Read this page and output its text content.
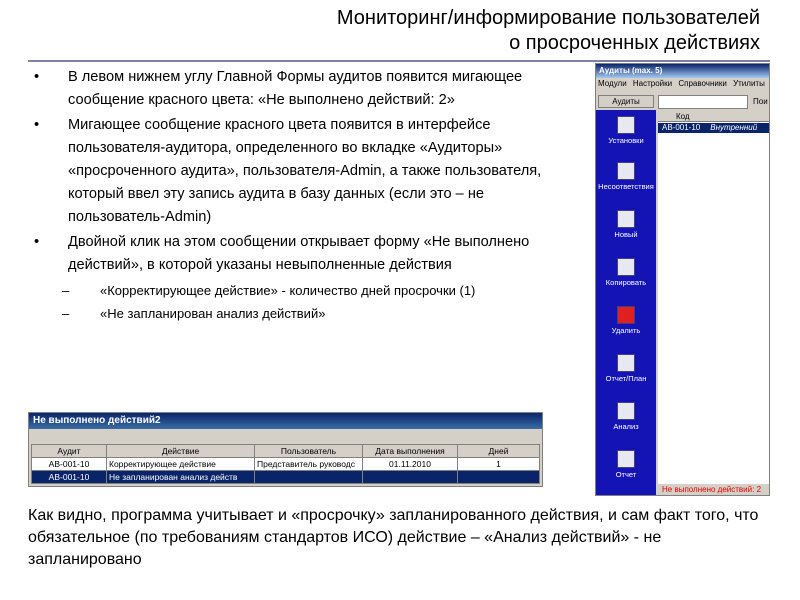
Мониторинг/информирование пользователей
о просроченных действиях
• В левом нижнем углу Главной Формы аудитов появится мигающее сообщение красного цвета: «Не выполнено действий: 2»
• Мигающее сообщение красного цвета появится в интерфейсе пользователя-аудитора, определенного во вкладке «Аудиторы» «просроченного аудита», пользователя-Admin, а также пользователя, который ввел эту запись аудита в базу данных (если это – не пользователь-Admin)
• Двойной клик на этом сообщении открывает форму «Не выполнено действий», в которой указаны невыполненные действия
– «Корректирующее действие» - количество дней просрочки (1)
– «Не запланирован анализ действий»
Не выполнено действий2
Аудит	Действие	Пользователь	Дата выполнения	Дней
АВ-001-10	Корректирующее действие	Представитель руководс	01.11.2010	1
АВ-001-10	Не запланирован анализ действ			
Аудиты (max. 5)
Модули Настройки Справочники Утилиты
Аудиты	Пои
Установки
Несоответствия
Новый
Копировать
Удалить
Отчет/План
Анализ
Отчет
Код
АВ-001-10 Внутренний
Не выполнено действий: 2
Как видно, программа учитывает и «просрочку» запланированного действия, и сам факт того, что обязательное (по требованиям стандартов ИСО) действие – «Анализ действий» - не запланировано
